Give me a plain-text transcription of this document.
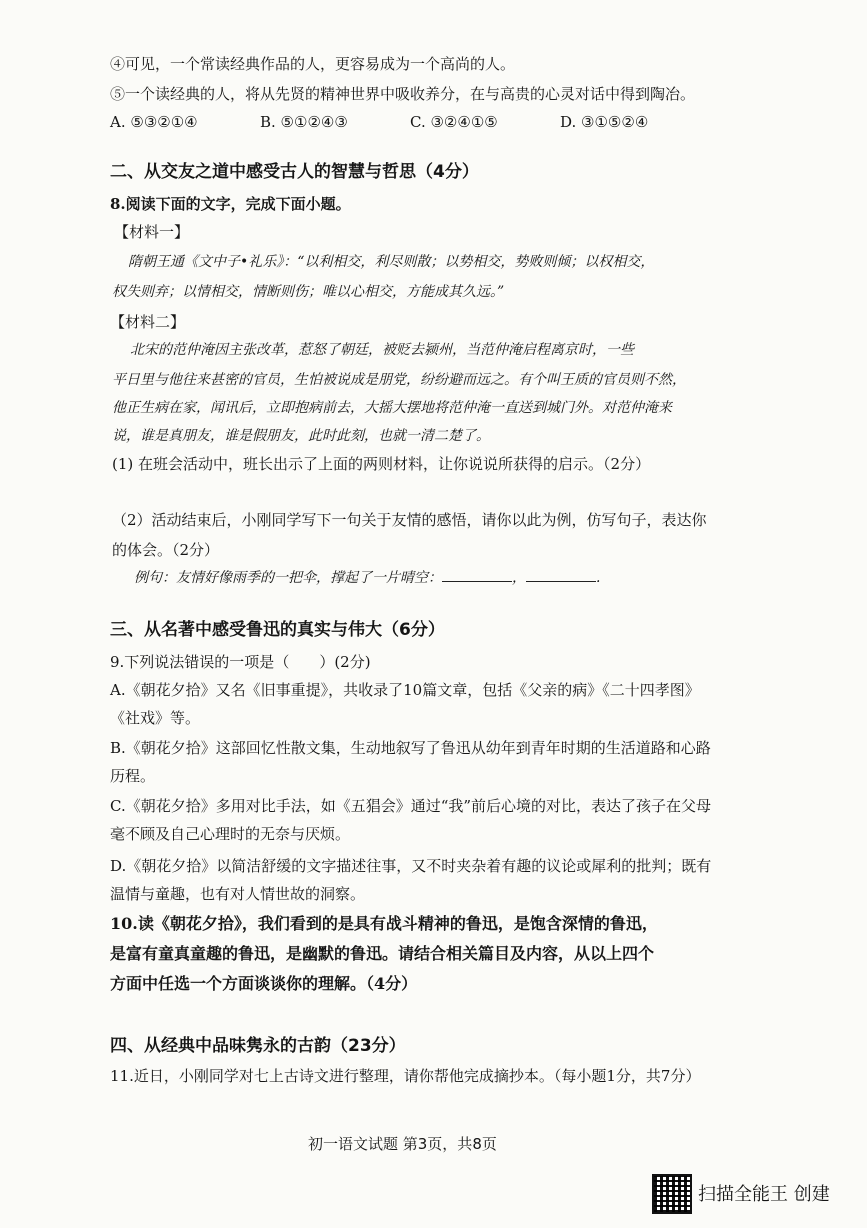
④可见，一个常读经典作品的人，更容易成为一个高尚的人。
⑤一个读经典的人，将从先贤的精神世界中吸收养分，在与高贵的心灵对话中得到陶冶。
A. ⑤③②①④	B. ⑤①②④③	C. ③②④①⑤	D. ③①⑤②④
二、从交友之道中感受古人的智慧与哲思（4分）
8.阅读下面的文字，完成下面小题。
【材料一】
隋朝王通《文中子•礼乐》：“以利相交，利尽则散；以势相交，势败则倾；以权相交，
权失则弃；以情相交，情断则伤；唯以心相交，方能成其久远。”
【材料二】
北宋的范仲淹因主张改革，惹怒了朝廷，被贬去颍州，当范仲淹启程离京时，一些
平日里与他往来甚密的官员，生怕被说成是朋党，纷纷避而远之。有个叫王质的官员则不然，
他正生病在家，闻讯后，立即抱病前去，大摇大摆地将范仲淹一直送到城门外。对范仲淹来
说，谁是真朋友，谁是假朋友，此时此刻，也就一清二楚了。
(1) 在班会活动中，班长出示了上面的两则材料，让你说说所获得的启示。（2分）
（2）活动结束后，小刚同学写下一句关于友情的感悟，请你以此为例，仿写句子，表达你
的体会。（2分）
例句：友情好像雨季的一把伞，撑起了一片晴空：	，	.
三、从名著中感受鲁迅的真实与伟大（6分）
9.下列说法错误的一项是（　　）(2分)
A.《朝花夕拾》又名《旧事重提》，共收录了10篇文章，包括《父亲的病》《二十四孝图》
《社戏》等。
B.《朝花夕拾》这部回忆性散文集，生动地叙写了鲁迅从幼年到青年时期的生活道路和心路
历程。
C.《朝花夕拾》多用对比手法，如《五猖会》通过“我”前后心境的对比，表达了孩子在父母
毫不顾及自己心理时的无奈与厌烦。
D.《朝花夕拾》以简洁舒缓的文字描述往事，又不时夹杂着有趣的议论或犀利的批判；既有
温情与童趣，也有对人情世故的洞察。
10.读《朝花夕拾》，我们看到的是具有战斗精神的鲁迅，是饱含深情的鲁迅，
是富有童真童趣的鲁迅，是幽默的鲁迅。请结合相关篇目及内容，从以上四个
方面中任选一个方面谈谈你的理解。（4分）
四、从经典中品味隽永的古韵（23分）
11.近日，小刚同学对七上古诗文进行整理，请你帮他完成摘抄本。（每小题1分，共7分）
初一语文试题 第3页，共8页
扫描全能王 创建
